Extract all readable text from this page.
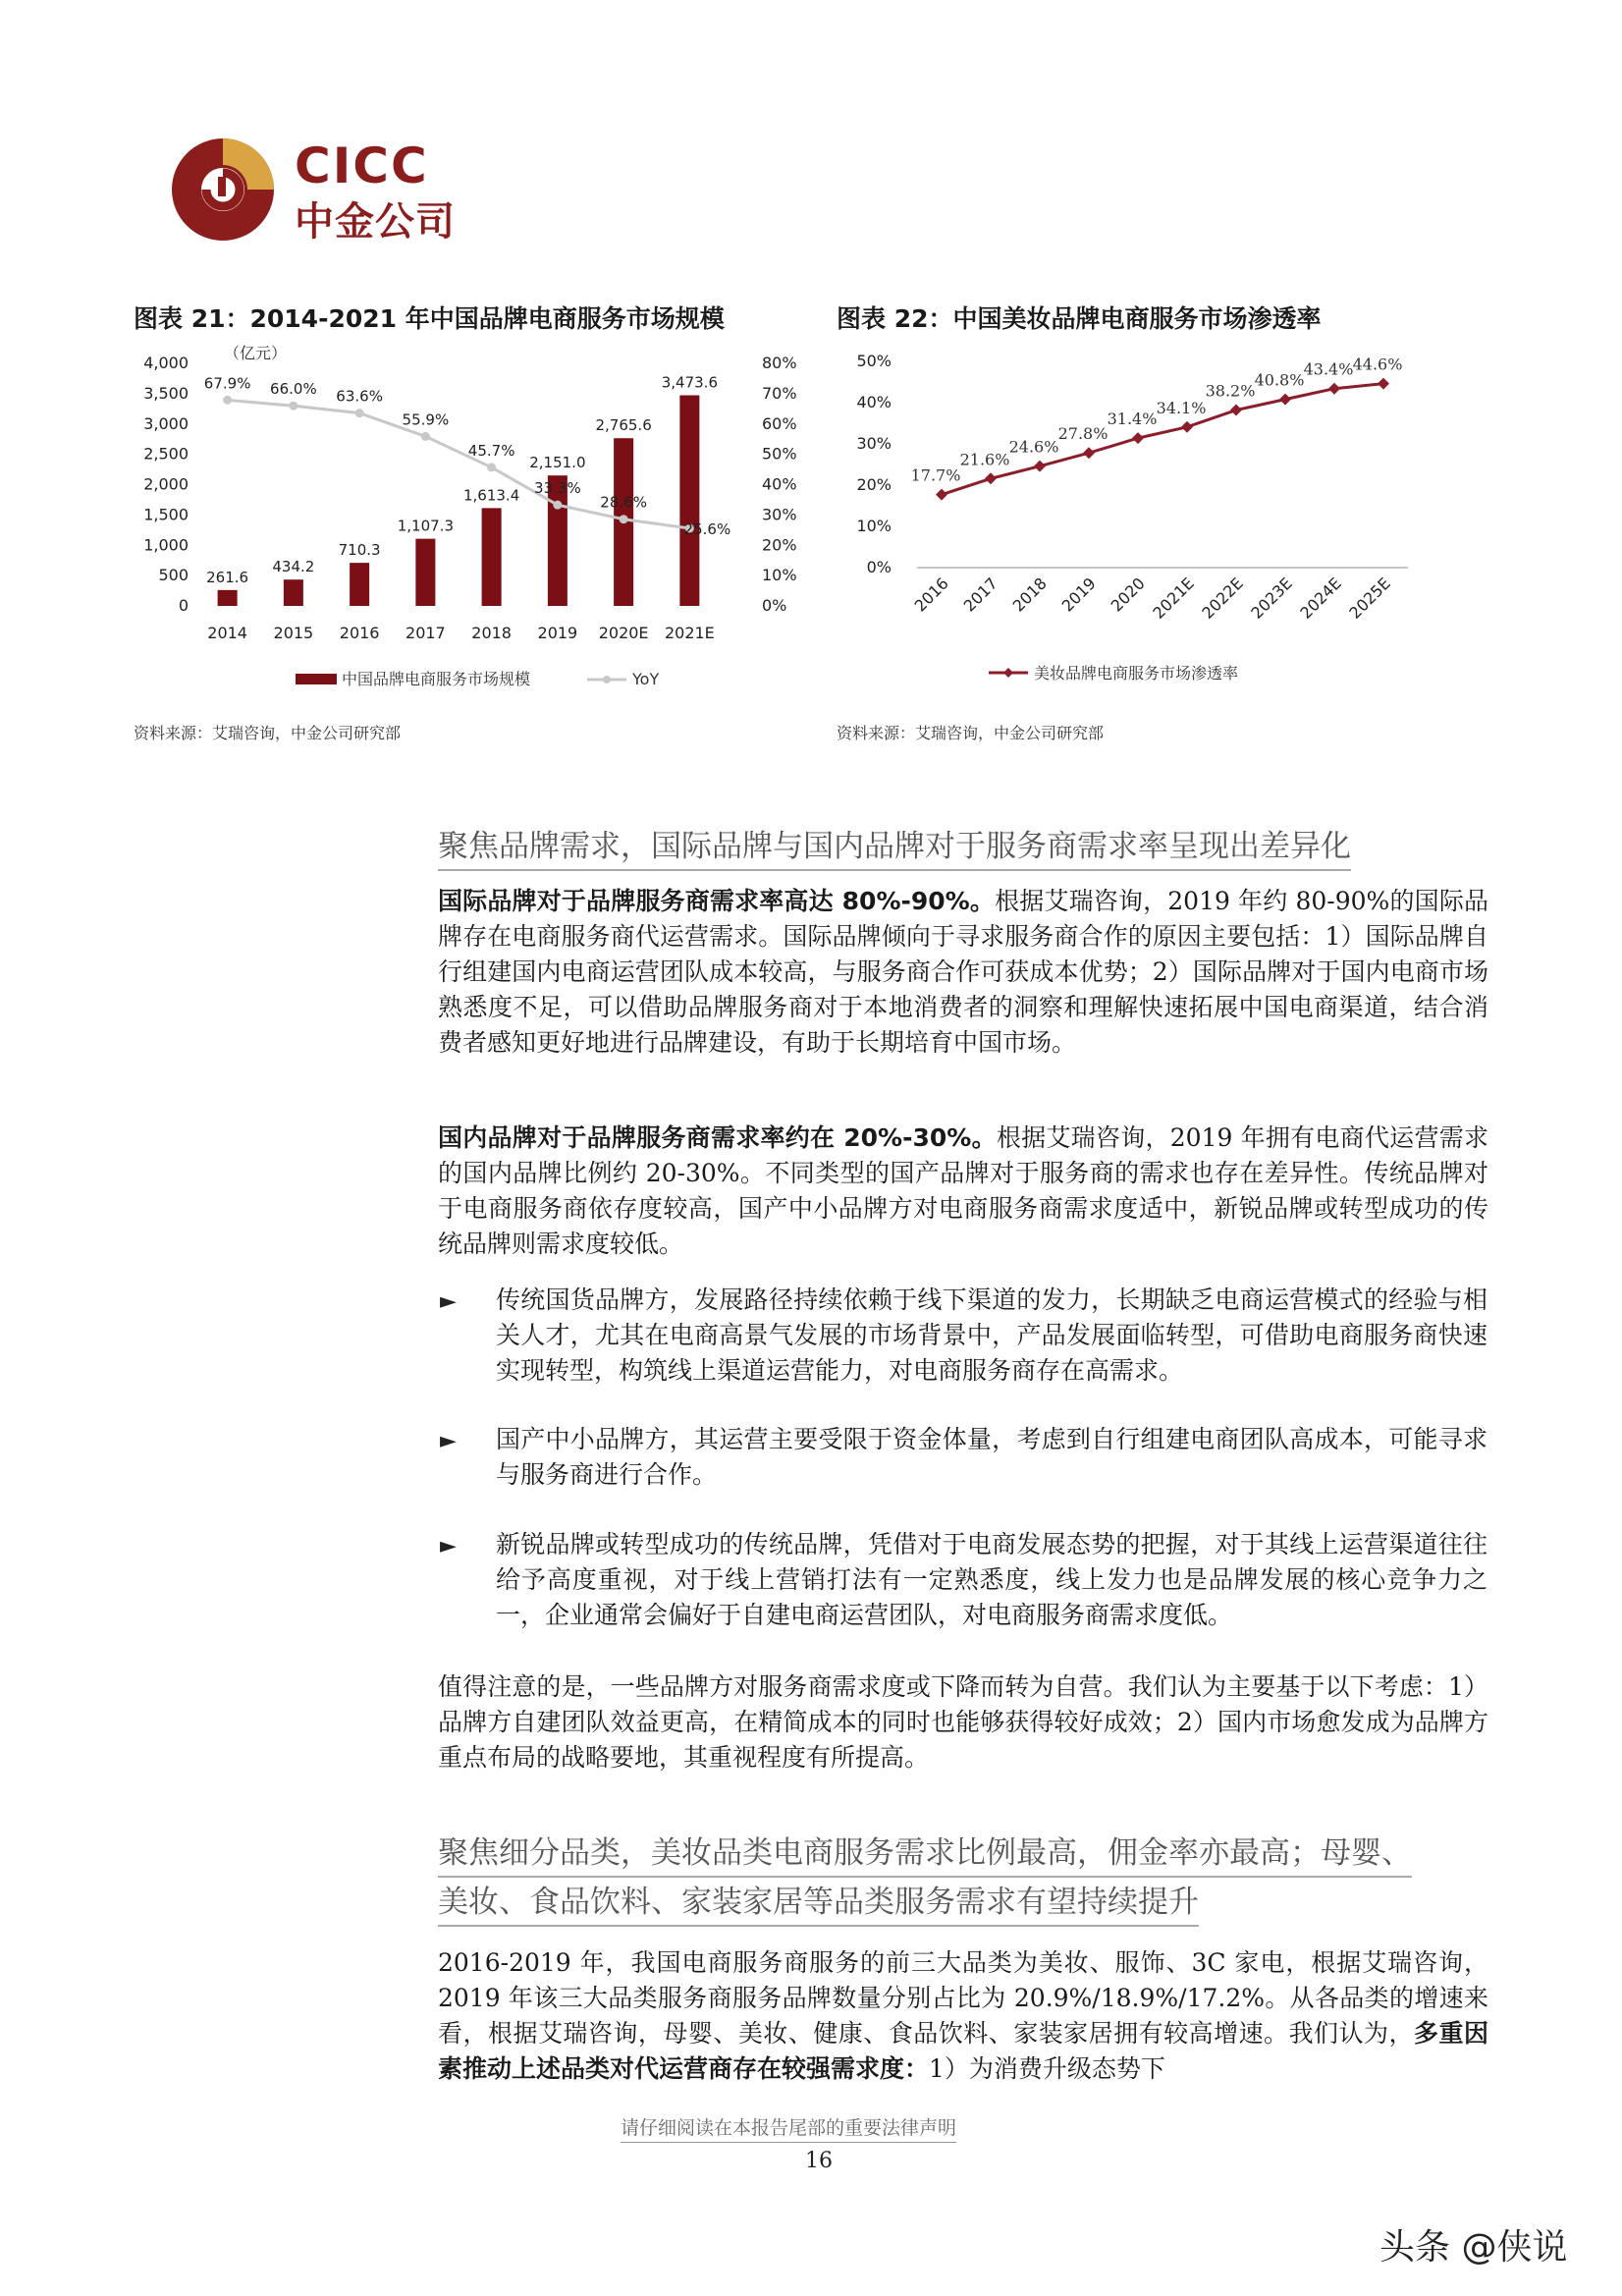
CICC
中金公司
图表 21：2014-2021 年中国品牌电商服务市场规模
4,000
3,500
3,000
2,500
2,000
1,500
1,000
500
0
80%
70%
60%
50%
40%
30%
20%
10%
0%
（亿元）
261.6
434.2
710.3
1,107.3
1,613.4
2,151.0
2,765.6
3,473.6
67.9% 66.0% 63.6%
55.9%
45.7%
33.3%
28.6%
25.6%
2014 2015 2016 2017 2018 2019 2020E 2021E
中国品牌电商服务市场规模	YoY
资料来源：艾瑞咨询，中金公司研究部
图表 22：中国美妆品牌电商服务市场渗透率
50%
40%
30%
20%
10%
0%
17.7%
21.6%
24.6%
27.8%
31.4%
34.1%
38.2%
40.8%
43.4% 44.6%
2016 2017 2018 2019 2020 2021E 2022E 2023E 2024E 2025E
美妆品牌电商服务市场渗透率
资料来源：艾瑞咨询，中金公司研究部
聚焦品牌需求，国际品牌与国内品牌对于服务商需求率呈现出差异化
国际品牌对于品牌服务商需求率高达 80%-90%。根据艾瑞咨询，2019 年约 80-90%的国际品牌存在电商服务商代运营需求。国际品牌倾向于寻求服务商合作的原因主要包括：1）国际品牌自行组建国内电商运营团队成本较高，与服务商合作可获成本优势；2）国际品牌对于国内电商市场熟悉度不足，可以借助品牌服务商对于本地消费者的洞察和理解快速拓展中国电商渠道，结合消费者感知更好地进行品牌建设，有助于长期培育中国市场。
国内品牌对于品牌服务商需求率约在 20%-30%。根据艾瑞咨询，2019 年拥有电商代运营需求的国内品牌比例约 20-30%。不同类型的国产品牌对于服务商的需求也存在差异性。传统品牌对于电商服务商依存度较高，国产中小品牌方对电商服务商需求度适中，新锐品牌或转型成功的传统品牌则需求度较低。
► 传统国货品牌方，发展路径持续依赖于线下渠道的发力，长期缺乏电商运营模式的经验与相关人才，尤其在电商高景气发展的市场背景中，产品发展面临转型，可借助电商服务商快速实现转型，构筑线上渠道运营能力，对电商服务商存在高需求。
► 国产中小品牌方，其运营主要受限于资金体量，考虑到自行组建电商团队高成本，可能寻求与服务商进行合作。
► 新锐品牌或转型成功的传统品牌，凭借对于电商发展态势的把握，对于其线上运营渠道往往给予高度重视，对于线上营销打法有一定熟悉度，线上发力也是品牌发展的核心竞争力之一，企业通常会偏好于自建电商运营团队，对电商服务商需求度低。
值得注意的是，一些品牌方对服务商需求度或下降而转为自营。我们认为主要基于以下考虑：1）品牌方自建团队效益更高，在精简成本的同时也能够获得较好成效；2）国内市场愈发成为品牌方重点布局的战略要地，其重视程度有所提高。
聚焦细分品类，美妆品类电商服务需求比例最高，佣金率亦最高；母婴、
美妆、食品饮料、家装家居等品类服务需求有望持续提升
2016-2019 年，我国电商服务商服务的前三大品类为美妆、服饰、3C 家电，根据艾瑞咨询，2019 年该三大品类服务商服务品牌数量分别占比为 20.9%/18.9%/17.2%。从各品类的增速来看，根据艾瑞咨询，母婴、美妆、健康、食品饮料、家装家居拥有较高增速。我们认为，多重因素推动上述品类对代运营商存在较强需求度：1）为消费升级态势下
请仔细阅读在本报告尾部的重要法律声明
16
头条 @侠说
